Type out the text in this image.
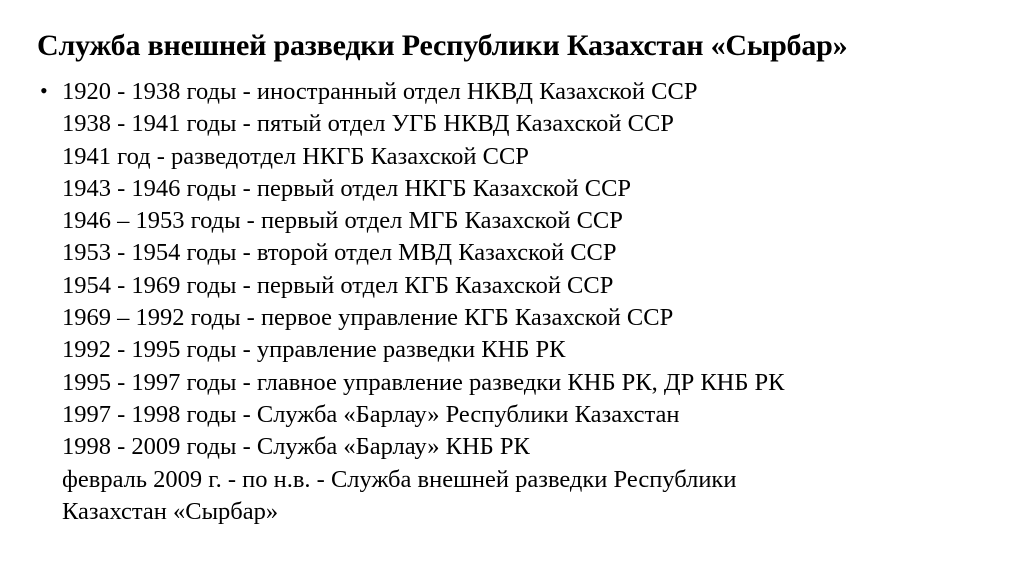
Служба внешней разведки Республики Казахстан «Сырбар»
• 1920 - 1938 годы - иностранный отдел НКВД Казахской ССР
1938 - 1941 годы - пятый отдел УГБ НКВД Казахской ССР
1941 год - разведотдел НКГБ Казахской ССР
1943 - 1946 годы - первый отдел НКГБ Казахской ССР
1946 – 1953 годы - первый отдел МГБ Казахской ССР
1953 - 1954 годы - второй отдел МВД Казахской ССР
1954 - 1969 годы - первый отдел КГБ Казахской ССР
1969 – 1992 годы - первое управление КГБ Казахской ССР
1992 - 1995 годы - управление разведки КНБ РК
1995 - 1997 годы - главное управление разведки КНБ РК, ДР КНБ РК
1997 - 1998 годы - Служба «Барлау» Республики Казахстан
1998 - 2009 годы - Служба «Барлау» КНБ РК
февраль 2009 г. - по н.в. - Служба внешней разведки Республики
Казахстан «Сырбар»
